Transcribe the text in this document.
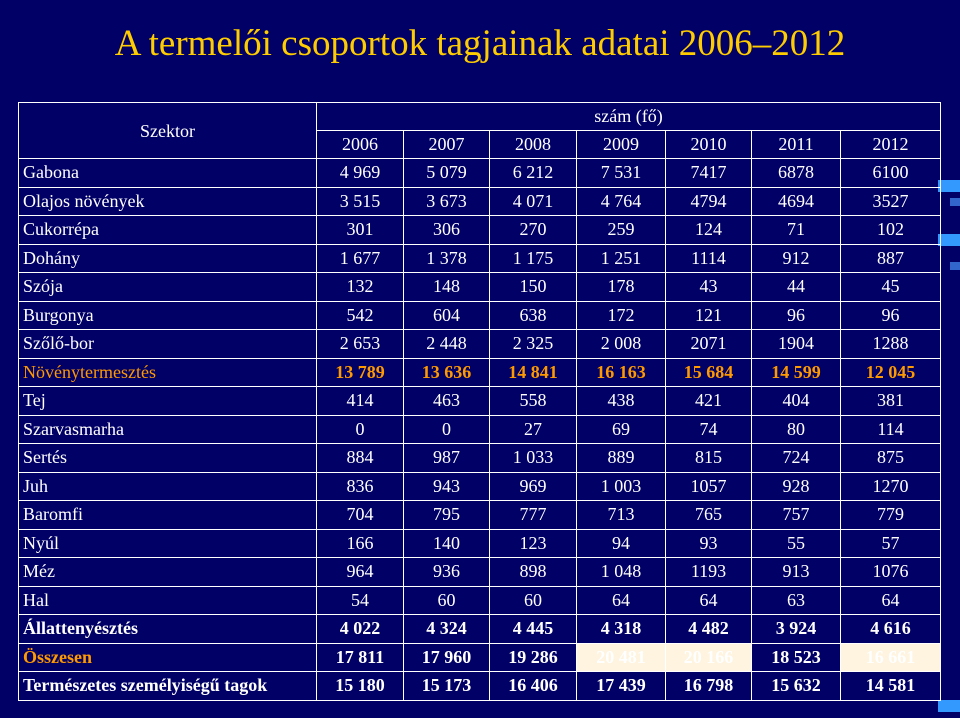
A termelői csoportok tagjainak adatai 2006–2012
Szektor	szám (fő)						
	2006	2007	2008	2009	2010	2011	2012
Gabona	4 969	5 079	6 212	7 531	7417	6878	6100
Olajos növények	3 515	3 673	4 071	4 764	4794	4694	3527
Cukorrépa	301	306	270	259	124	71	102
Dohány	1 677	1 378	1 175	1 251	1114	912	887
Szója	132	148	150	178	43	44	45
Burgonya	542	604	638	172	121	96	96
Szőlő-bor	2 653	2 448	2 325	2 008	2071	1904	1288
Növénytermesztés	13 789	13 636	14 841	16 163	15 684	14 599	12 045
Tej	414	463	558	438	421	404	381
Szarvasmarha	0	0	27	69	74	80	114
Sertés	884	987	1 033	889	815	724	875
Juh	836	943	969	1 003	1057	928	1270
Baromfi	704	795	777	713	765	757	779
Nyúl	166	140	123	94	93	55	57
Méz	964	936	898	1 048	1193	913	1076
Hal	54	60	60	64	64	63	64
Állattenyésztés	4 022	4 324	4 445	4 318	4 482	3 924	4 616
Összesen	17 811	17 960	19 286	20 481	20 166	18 523	16 661
Természetes személyiségű tagok	15 180	15 173	16 406	17 439	16 798	15 632	14 581
